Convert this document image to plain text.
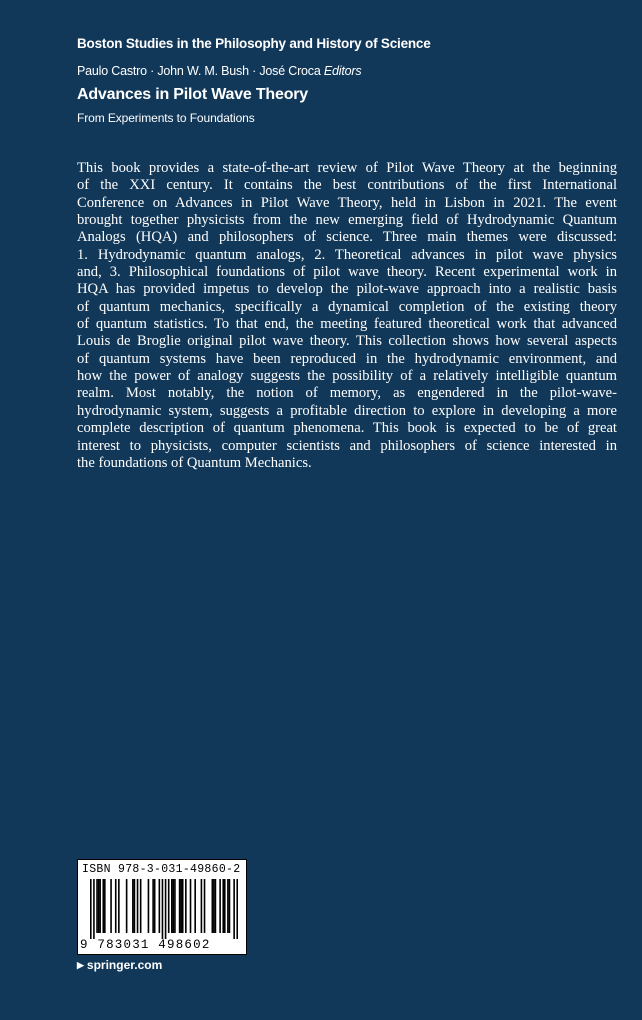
Boston Studies in the Philosophy and History of Science
Paulo Castro · John W. M. Bush · José Croca Editors
Advances in Pilot Wave Theory
From Experiments to Foundations
This book provides a state-of-the-art review of Pilot Wave Theory at the beginning
of the XXI century. It contains the best contributions of the first International
Conference on Advances in Pilot Wave Theory, held in Lisbon in 2021. The event
brought together physicists from the new emerging field of Hydrodynamic Quantum
Analogs (HQA) and philosophers of science. Three main themes were discussed:
1. Hydrodynamic quantum analogs, 2. Theoretical advances in pilot wave physics
and, 3. Philosophical foundations of pilot wave theory. Recent experimental work in
HQA has provided impetus to develop the pilot-wave approach into a realistic basis
of quantum mechanics, specifically a dynamical completion of the existing theory
of quantum statistics. To that end, the meeting featured theoretical work that advanced
Louis de Broglie original pilot wave theory. This collection shows how several aspects
of quantum systems have been reproduced in the hydrodynamic environment, and
how the power of analogy suggests the possibility of a relatively intelligible quantum
realm. Most notably, the notion of memory, as engendered in the pilot-wave-
hydrodynamic system, suggests a profitable direction to explore in developing a more
complete description of quantum phenomena. This book is expected to be of great
interest to physicists, computer scientists and philosophers of science interested in
the foundations of Quantum Mechanics.
ISBN 978-3-031-49860-2
9 783031 498602
▶ springer.com
